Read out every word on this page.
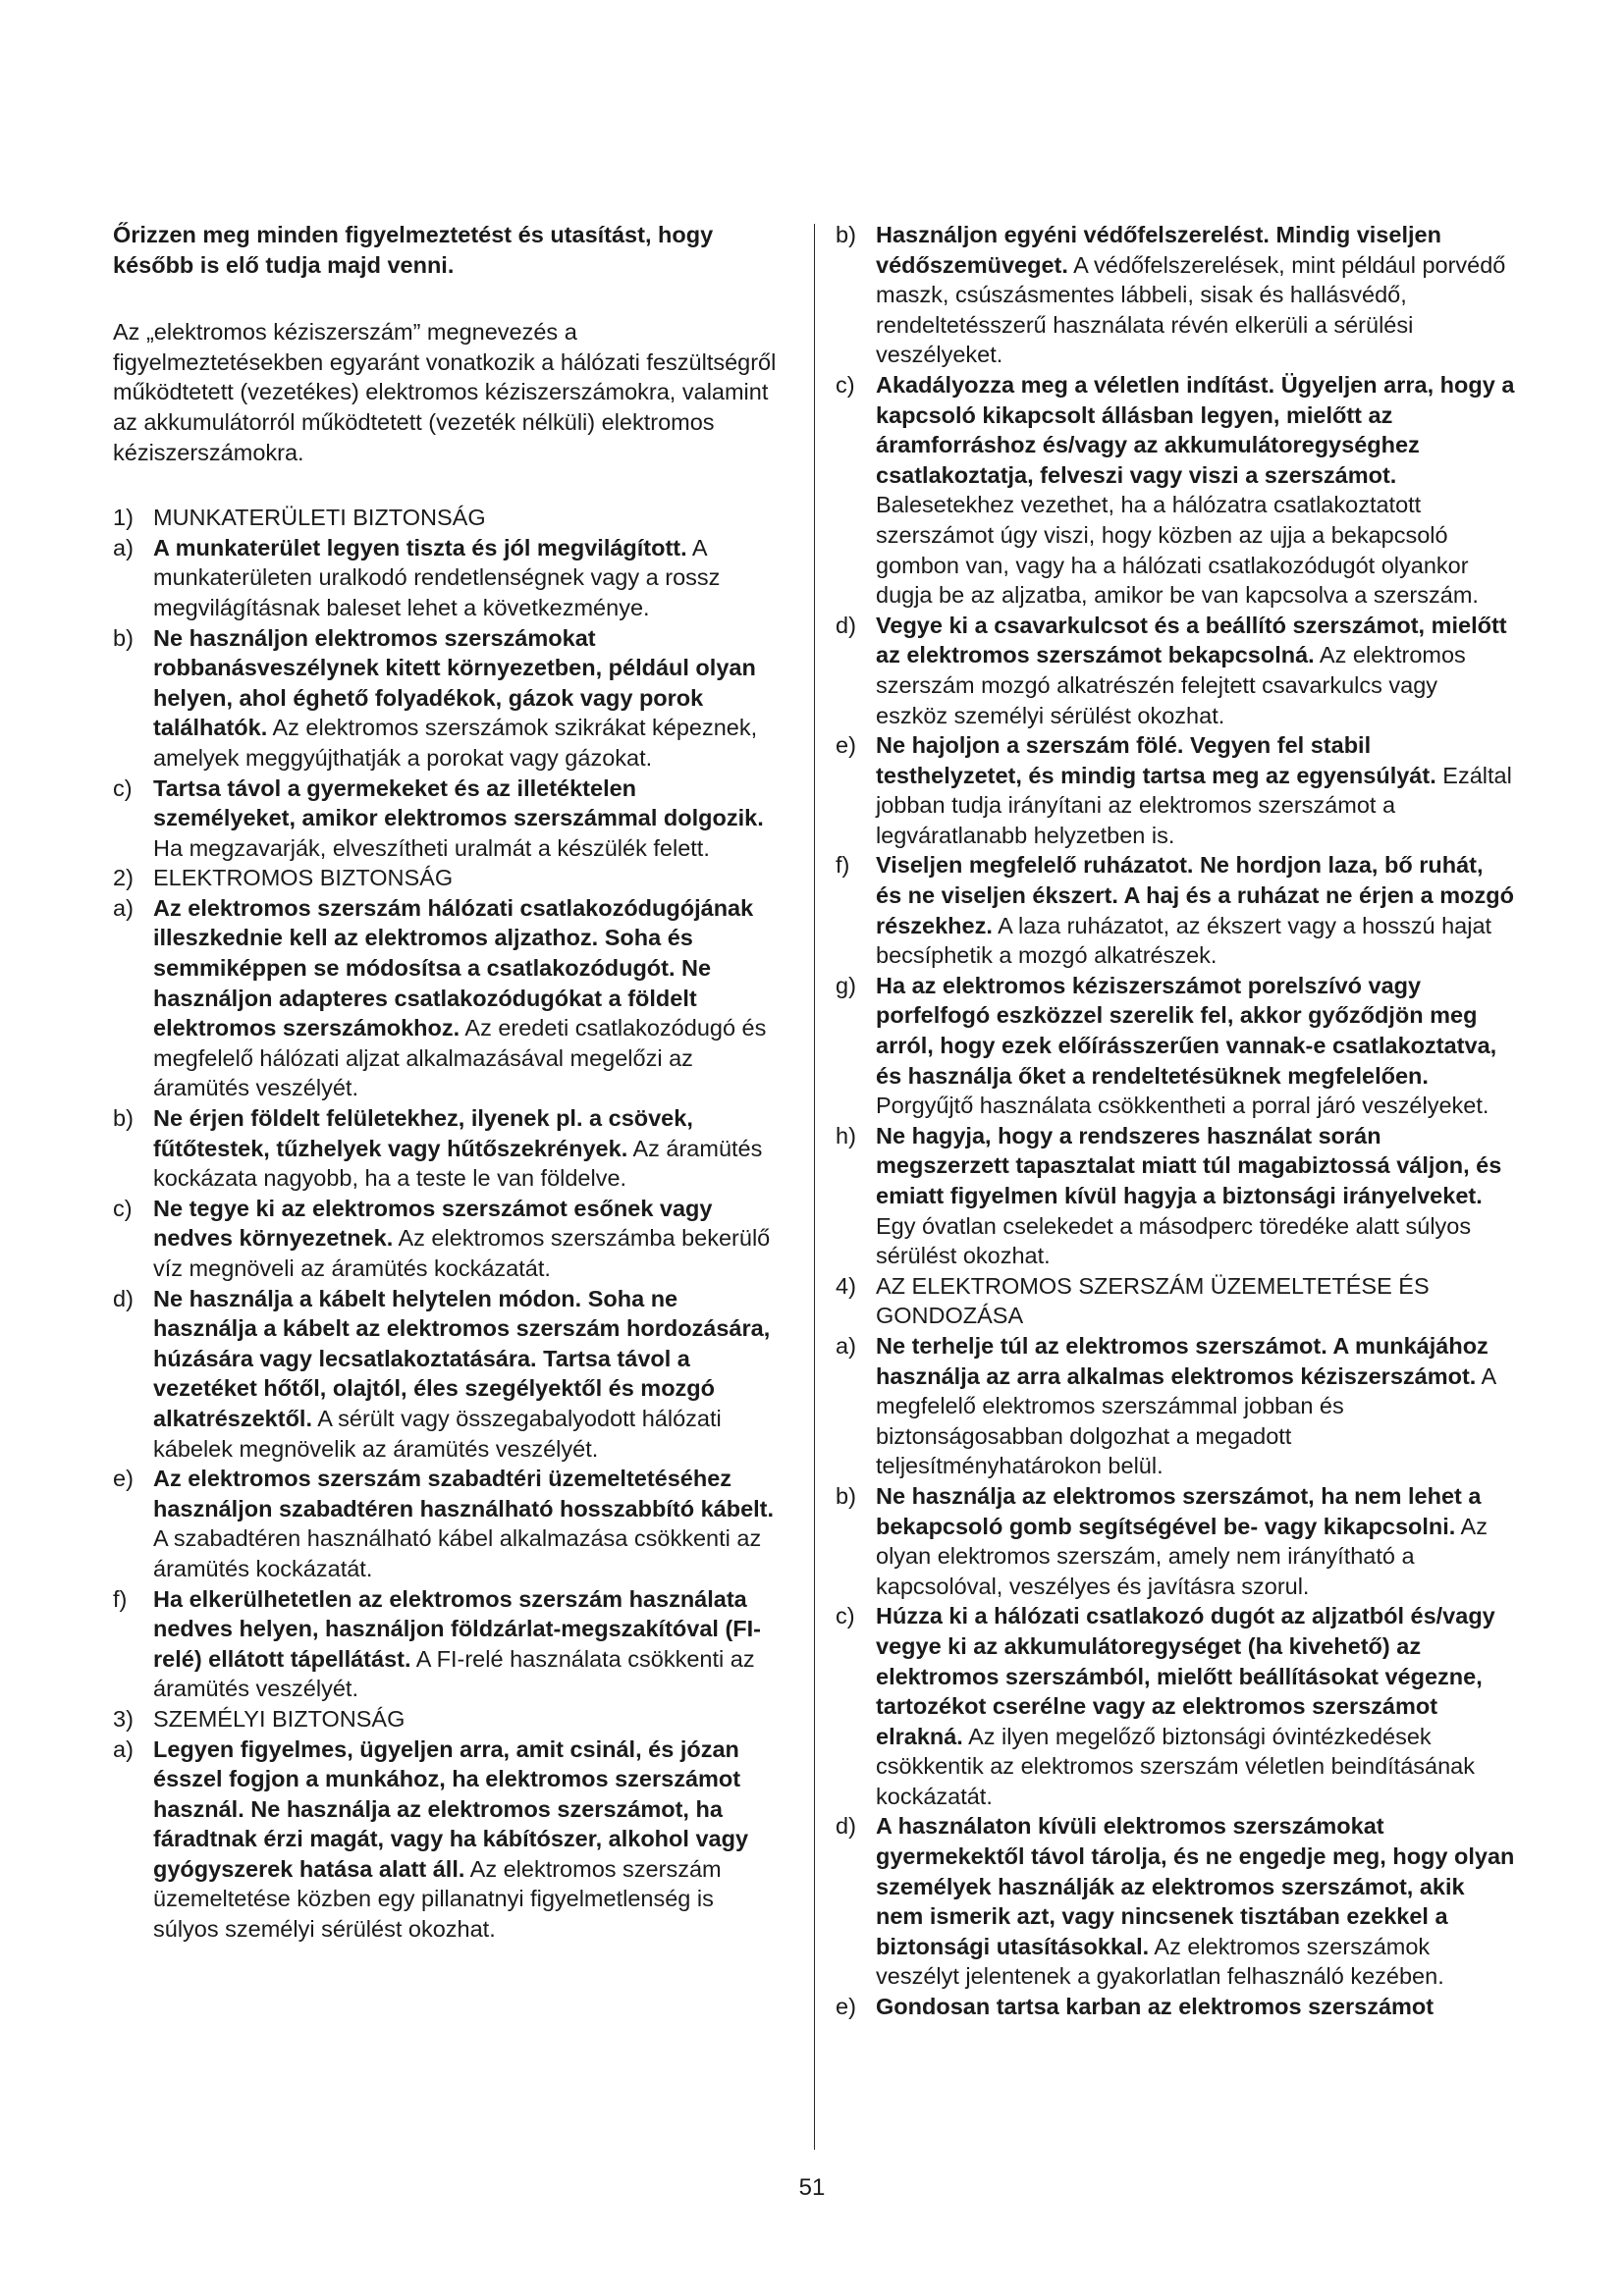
Őrizzen meg minden figyelmeztetést és utasítást, hogy később is elő tudja majd venni.

Az „elektromos kéziszerszám” megnevezés a figyelmeztetésekben egyaránt vonatkozik a hálózati feszültségről működtetett (vezetékes) elektromos kéziszerszámokra, valamint az akkumulátorról működtetett (vezeték nélküli) elektromos kéziszerszámokra.

1) MUNKATERÜLETI BIZTONSÁG
a) A munkaterület legyen tiszta és jól megvilágított. A munkaterületen uralkodó rendetlenségnek vagy a rossz megvilágításnak baleset lehet a következménye.

b) Ne használjon elektromos szerszámokat robbanásveszélynek kitett környezetben, például olyan helyen, ahol éghető folyadékok, gázok vagy porok találhatók. Az elektromos szerszámok szikrákat képeznek, amelyek meggyújthatják a porokat vagy gázokat.

c) Tartsa távol a gyermekeket és az illetéktelen személyeket, amikor elektromos szerszámmal dolgozik. Ha megzavarják, elveszítheti uralmát a készülék felett.

2) ELEKTROMOS BIZTONSÁG
a) Az elektromos szerszám hálózati csatlakozódugójának illeszkednie kell az elektromos aljzathoz. Soha és semmiképpen se módosítsa a csatlakozódugót. Ne használjon adapteres csatlakozódugókat a földelt elektromos szerszámokhoz. Az eredeti csatlakozódugó és megfelelő hálózati aljzat alkalmazásával megelőzi az áramütés veszélyét.

b) Ne érjen földelt felületekhez, ilyenek pl. a csövek, fűtőtestek, tűzhelyek vagy hűtőszekrények. Az áramütés kockázata nagyobb, ha a teste le van földelve.

c) Ne tegye ki az elektromos szerszámot esőnek vagy nedves környezetnek. Az elektromos szerszámba bekerülő víz megnöveli az áramütés kockázatát.

d) Ne használja a kábelt helytelen módon. Soha ne használja a kábelt az elektromos szerszám hordozására, húzására vagy lecsatlakoztatására. Tartsa távol a vezetéket hőtől, olajtól, éles szegélyektől és mozgó alkatrészektől. A sérült vagy összegabalyodott hálózati kábelek megnövelik az áramütés veszélyét.

e) Az elektromos szerszám szabadtéri üzemeltetéséhez használjon szabadtéren használható hosszabbító kábelt. A szabadtéren használható kábel alkalmazása csökkenti az áramütés kockázatát.

f)	Ha elkerülhetetlen az elektromos szerszám használata nedves helyen, használjon földzárlat-megszakítóval (FI-relé) ellátott tápellátást. A FI-relé használata csökkenti az áramütés veszélyét.

3) SZEMÉLYI BIZTONSÁG
a) Legyen figyelmes, ügyeljen arra, amit csinál, és józan ésszel fogjon a munkához, ha elektromos szerszámot használ. Ne használja az elektromos szerszámot, ha fáradtnak érzi magát, vagy ha kábítószer, alkohol vagy gyógyszerek hatása alatt áll. Az elektromos szerszám üzemeltetése közben egy pillanatnyi figyelmetlenség is súlyos személyi sérülést okozhat.

b) Használjon egyéni védőfelszerelést. Mindig viseljen védőszemüveget. A védőfelszerelések, mint például porvédő maszk, csúszásmentes lábbeli, sisak és hallásvédő, rendeltetésszerű használata révén elkerüli a sérülési veszélyeket.

c) Akadályozza meg a véletlen indítást. Ügyeljen arra, hogy a kapcsoló kikapcsolt állásban legyen, mielőtt az áramforráshoz és/vagy az akkumulátoregységhez csatlakoztatja, felveszi vagy viszi a szerszámot. Balesetekhez vezethet, ha a hálózatra csatlakoztatott szerszámot úgy viszi, hogy közben az ujja a bekapcsoló gombon van, vagy ha a hálózati csatlakozódugót olyankor dugja be az aljzatba, amikor be van kapcsolva a szerszám.

d) Vegye ki a csavarkulcsot és a beállító szerszámot, mielőtt az elektromos szerszámot bekapcsolná. Az elektromos szerszám mozgó alkatrészén felejtett csavarkulcs vagy eszköz személyi sérülést okozhat.

e) Ne hajoljon a szerszám fölé. Vegyen fel stabil testhelyzetet, és mindig tartsa meg az egyensúlyát. Ezáltal jobban tudja irányítani az elektromos szerszámot a legváratlanabb helyzetben is.

f)	Viseljen megfelelő ruházatot. Ne hordjon laza, bő ruhát, és ne viseljen ékszert. A haj és a ruházat ne érjen a mozgó részekhez. A laza ruházatot, az ékszert vagy a hosszú hajat becsíphetik a mozgó alkatrészek.

g) Ha az elektromos kéziszerszámot porelszívó vagy porfelfogó eszközzel szerelik fel, akkor győződjön meg arról, hogy ezek előírásszerűen vannak-e csatlakoztatva, és használja őket a rendeltetésüknek megfelelően. Porgyűjtő használata csökkentheti a porral járó veszélyeket.

h) Ne hagyja, hogy a rendszeres használat során megszerzett tapasztalat miatt túl magabiztossá váljon, és emiatt figyelmen kívül hagyja a biztonsági irányelveket. Egy óvatlan cselekedet a másodperc töredéke alatt súlyos sérülést okozhat.

4) AZ ELEKTROMOS SZERSZÁM ÜZEMELTETÉSE ÉS GONDOZÁSA
a) Ne terhelje túl az elektromos szerszámot. A munkájához használja az arra alkalmas elektromos kéziszerszámot. A megfelelő elektromos szerszámmal jobban és biztonságosabban dolgozhat a megadott teljesítményhatárokon belül.

b) Ne használja az elektromos szerszámot, ha nem lehet a bekapcsoló gomb segítségével be- vagy kikapcsolni. Az olyan elektromos szerszám, amely nem irányítható a kapcsolóval, veszélyes és javításra szorul.

c) Húzza ki a hálózati csatlakozó dugót az aljzatból és/vagy vegye ki az akkumulátoregységet (ha kivehető) az elektromos szerszámból, mielőtt beállításokat végezne, tartozékot cserélne vagy az elektromos szerszámot elrakná. Az ilyen megelőző biztonsági óvintézkedések csökkentik az elektromos szerszám véletlen beindításának kockázatát.

d) A használaton kívüli elektromos szerszámokat gyermekektől távol tárolja, és ne engedje meg, hogy olyan személyek használják az elektromos szerszámot, akik nem ismerik azt, vagy nincsenek tisztában ezekkel a biztonsági utasításokkal. Az elektromos szerszámok veszélyt jelentenek a gyakorlatlan felhasználó kezében.

e) Gondosan tartsa karban az elektromos szerszámot

51
